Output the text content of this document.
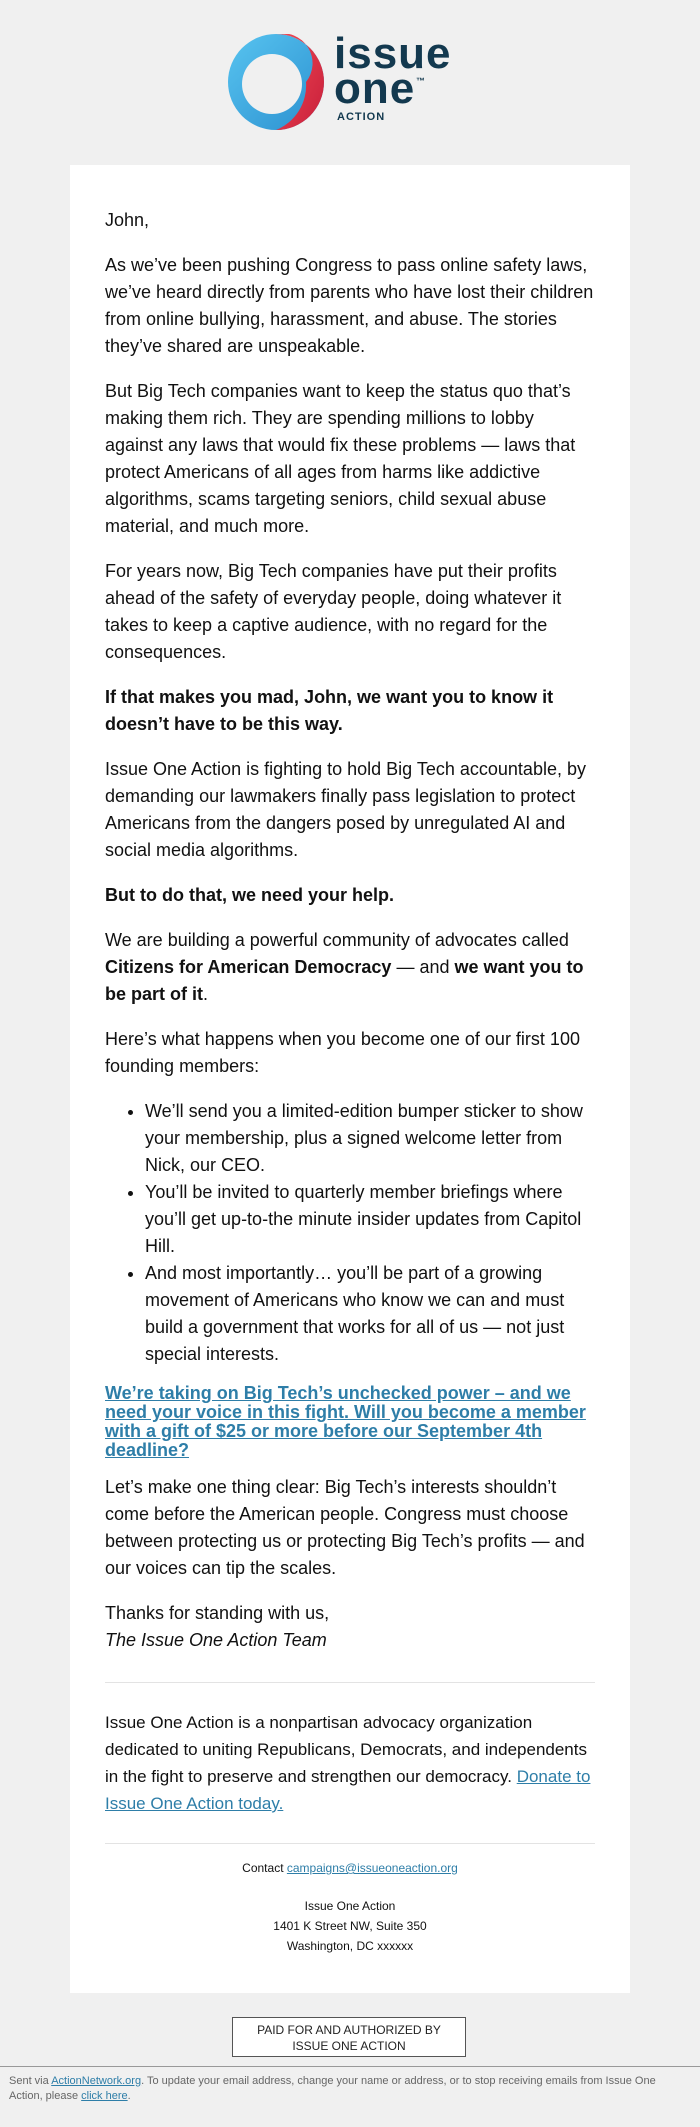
issue
one ™
ACTION

John,

As we’ve been pushing Congress to pass online safety laws, we’ve heard directly from parents who have lost their children from online bullying, harassment, and abuse. The stories they’ve shared are unspeakable.

But Big Tech companies want to keep the status quo that’s making them rich. They are spending millions to lobby against any laws that would fix these problems — laws that protect Americans of all ages from harms like addictive algorithms, scams targeting seniors, child sexual abuse material, and much more.

For years now, Big Tech companies have put their profits ahead of the safety of everyday people, doing whatever it takes to keep a captive audience, with no regard for the consequences.

If that makes you mad, John, we want you to know it doesn’t have to be this way.

Issue One Action is fighting to hold Big Tech accountable, by demanding our lawmakers finally pass legislation to protect Americans from the dangers posed by unregulated AI and social media algorithms.

But to do that, we need your help.

We are building a powerful community of advocates called Citizens for American Democracy — and we want you to be part of it.

Here’s what happens when you become one of our first 100 founding members:

• We’ll send you a limited-edition bumper sticker to show your membership, plus a signed welcome letter from Nick, our CEO.
• You’ll be invited to quarterly member briefings where you’ll get up-to-the minute insider updates from Capitol Hill.
• And most importantly… you’ll be part of a growing movement of Americans who know we can and must build a government that works for all of us — not just special interests.
We’re taking on Big Tech’s unchecked power – and we need your voice in this fight. Will you become a member with a gift of $25 or more before our September 4th deadline?

Let’s make one thing clear: Big Tech’s interests shouldn’t come before the American people. Congress must choose between protecting us or protecting Big Tech’s profits — and our voices can tip the scales.

Thanks for standing with us,
The Issue One Action Team

Issue One Action is a nonpartisan advocacy organization dedicated to uniting Republicans, Democrats, and independents in the fight to preserve and strengthen our democracy. Donate to Issue One Action today.

Contact campaigns@issueoneaction.org
Issue One Action
1401 K Street NW, Suite 350
Washington, DC xxxxxx
PAID FOR AND AUTHORIZED BY
ISSUE ONE ACTION
Sent via ActionNetwork.org. To update your email address, change your name or address, or to stop receiving emails from Issue One Action, please click here.
